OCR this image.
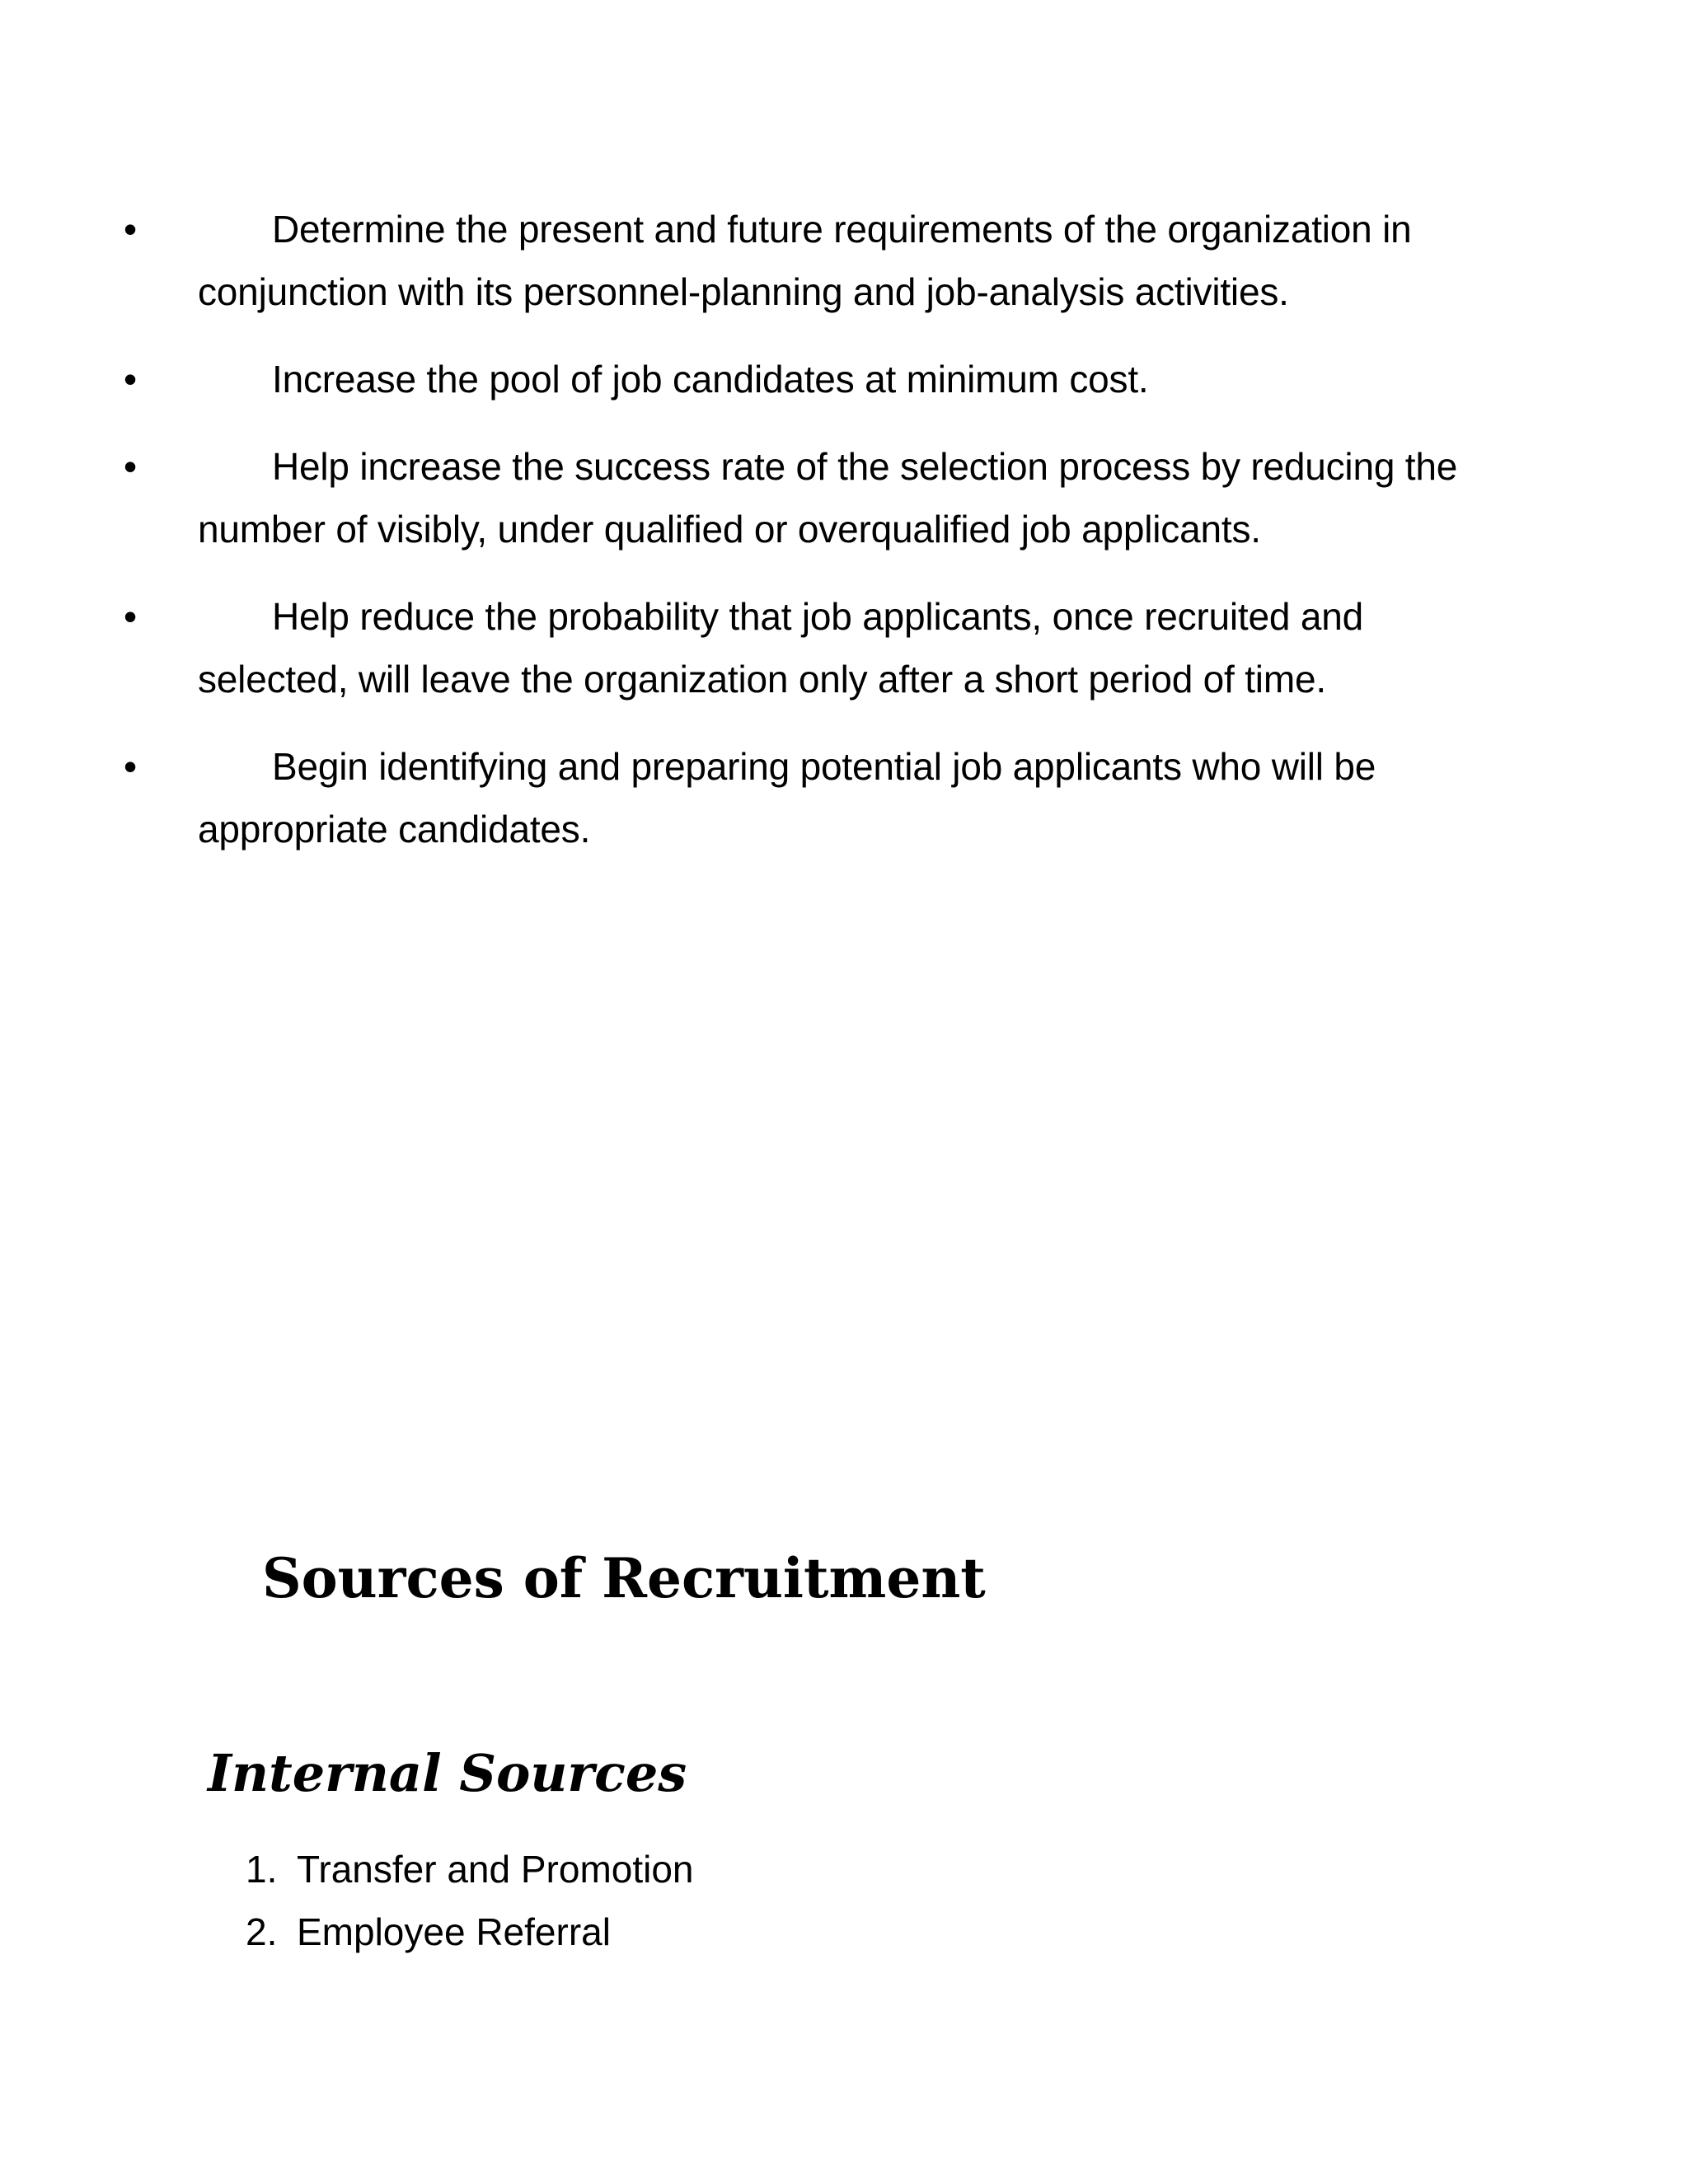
•	Determine the present and future requirements of the organization in conjunction with its personnel-planning and job-analysis activities.
•	Increase the pool of job candidates at minimum cost.
•	Help increase the success rate of the selection process by reducing the number of visibly, under qualified or overqualified job applicants.
•	Help reduce the probability that job applicants, once recruited and selected, will leave the organization only after a short period of time.
•	Begin identifying and preparing potential job applicants who will be appropriate candidates.
Sources of Recruitment
Internal Sources
1. Transfer and Promotion
2. Employee Referral
